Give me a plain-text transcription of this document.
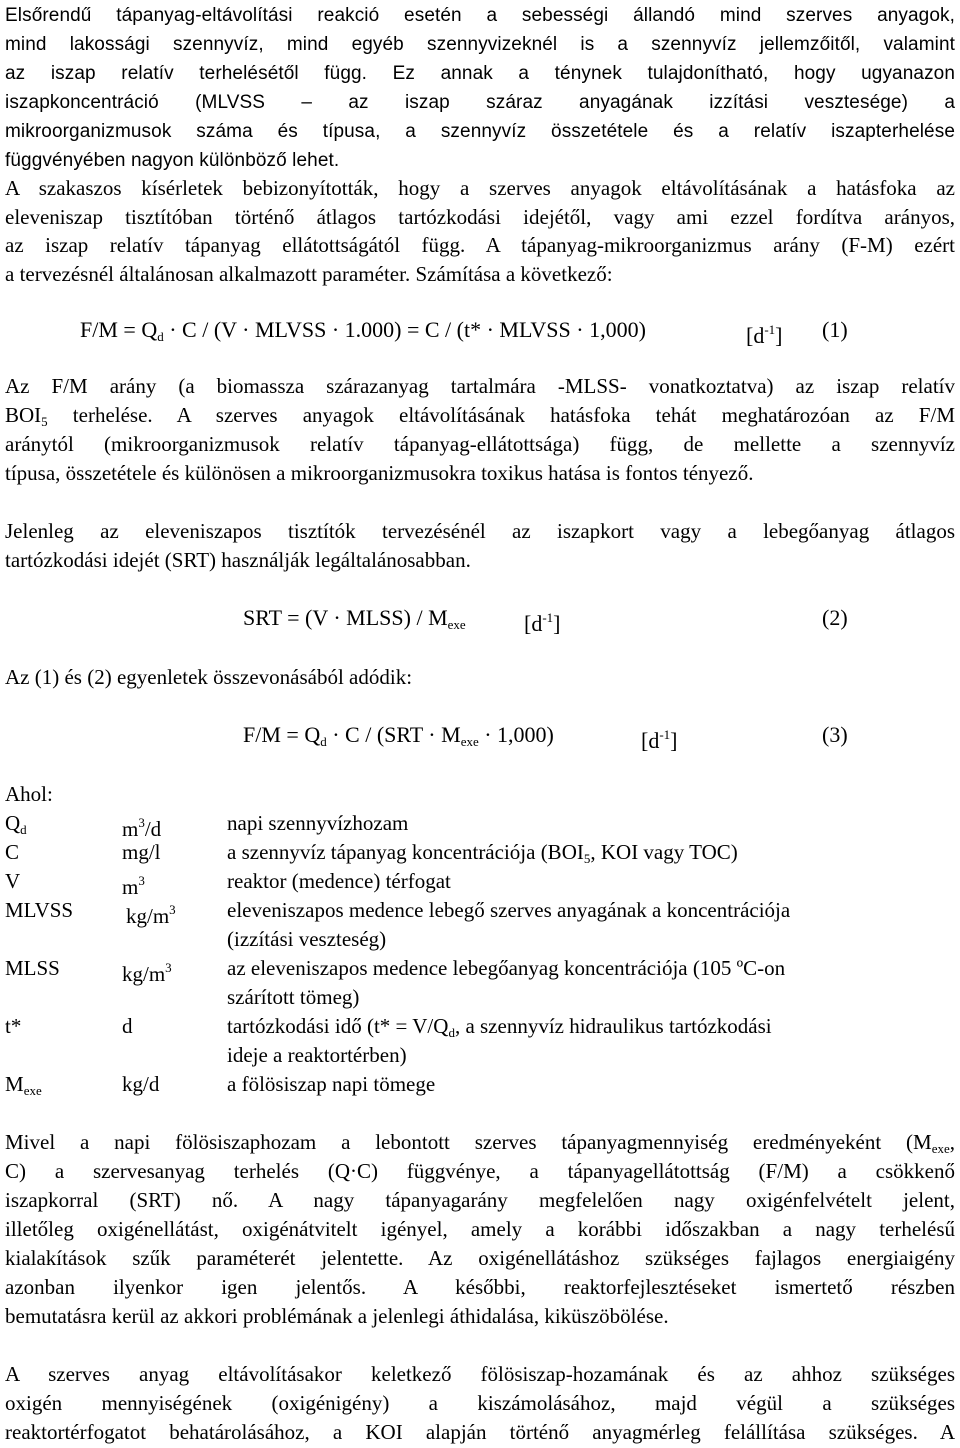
Elsőrendű tápanyag-eltávolítási reakció esetén a sebességi állandó mind szerves anyagok,

mind lakossági szennyvíz, mind egyéb szennyvizeknél is a szennyvíz jellemzőitől, valamint

az iszap relatív terhelésétől függ. Ez annak a ténynek tulajdonítható, hogy ugyanazon

iszapkoncentráció (MLVSS – az iszap száraz anyagának izzítási vesztesége) a

mikroorganizmusok száma és típusa, a szennyvíz összetétele és a relatív iszapterhelése

függvényében nagyon különböző lehet.

A szakaszos kísérletek bebizonyították, hogy a szerves anyagok eltávolításának a hatásfoka az

eleveniszap tisztítóban történő átlagos tartózkodási idejétől, vagy ami ezzel fordítva arányos,

az iszap relatív tápanyag ellátottságától függ. A tápanyag-mikroorganizmus arány (F-M) ezért

a tervezésnél általánosan alkalmazott paraméter. Számítása a következő:

$F/M = Q_d \cdot C / (V$ · MLVSS · 1.000) = C / (t* · MLVSS · 1,000)	$[d^{-1}]$ (1)

Az F/M arány (a biomassza szárazanyag tartalmára -MLSS- vonatkoztatva) az iszap relatív

$BOI_5$ terhelése. A szerves anyagok eltávolításának hatásfoka tehát meghatározóan az F/M

aránytól (mikroorganizmusok relatív tápanyag-ellátottsága) függ, de mellette a szennyvíz

típusa, összetétele és különösen a mikroorganizmusokra toxikus hatása is fontos tényező.

Jelenleg az eleveniszapos tisztítók tervezésénél az iszapkort vagy a lebegőanyag átlagos

tartózkodási idejét (SRT) használják legáltalánosabban.

SRT = (V · MLSS) / $M_{exe}$	$[d^{-1}]$	(2)

Az (1) és (2) egyenletek összevonásából adódik:

$F/M = Q_d \cdot C / (SRT \cdot M_{exe} \cdot 1,000)$	$[d^{-1}]$	(3)

Ahol:

$Q_d$	$m^3/d$	napi szennyvízhozam

C	mg/l	a szennyvíz tápanyag koncentrációja ($BOI_5$, KOI vagy TOC)

V	$m^3$	reaktor (medence) térfogat

MLVSS	$kg/m^3$ eleveniszapos medence lebegő szerves anyagának a koncentrációja

(izzítási veszteség)

MLSS	$kg/m^3$	az eleveniszapos medence lebegőanyag koncentrációja (105 ºC-on

szárított tömeg)

t*	d	tartózkodási idő ($t* = V/Q_d$, a szennyvíz hidraulikus tartózkodási

ideje a reaktortérben)

$M_{exe}$	kg/d	a fölösiszap napi tömege

Mivel a napi fölösiszaphozam a lebontott szerves tápanyagmennyiség eredményeként ($M_{exe}$,

C) a szervesanyag terhelés (Q·C) függvénye, a tápanyagellátottság (F/M) a csökkenő

iszapkorral (SRT) nő. A nagy tápanyagarány megfelelően nagy oxigénfelvételt jelent,

illetőleg oxigénellátást, oxigénátvitelt igényel, amely a korábbi időszakban a nagy terhelésű

kialakítások szűk paraméterét jelentette. Az oxigénellátáshoz szükséges fajlagos energiaigény

azonban ilyenkor igen jelentős. A későbbi, reaktorfejlesztéseket ismertető részben

bemutatásra kerül az akkori problémának a jelenlegi áthidalása, kiküszöbölése.

A szerves anyag eltávolításakor keletkező fölösiszap-hozamának és az ahhoz szükséges

oxigén mennyiségének (oxigénigény) a kiszámolásához, majd végül a szükséges

reaktortérfogatot behatárolásához, a KOI alapján történő anyagmérleg felállítása szükséges. A
